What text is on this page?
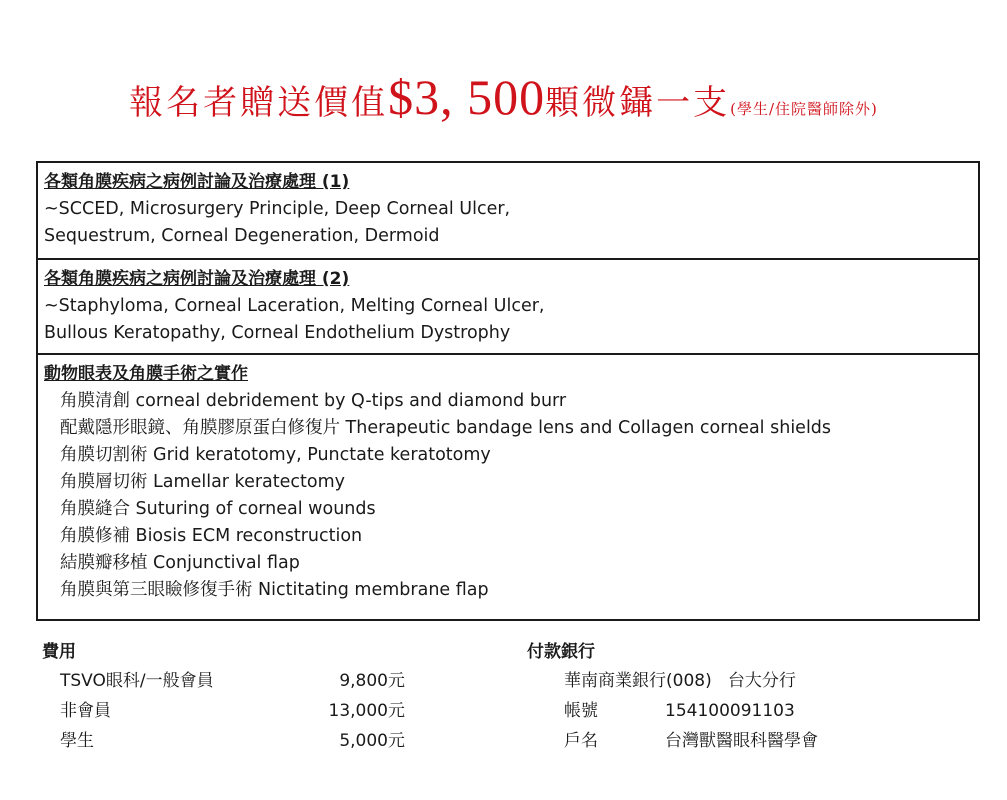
報名者贈送價值$3, 500顆微鑷一支(學生/住院醫師除外)
各類角膜疾病之病例討論及治療處理 (1)
~SCCED, Microsurgery Principle, Deep Corneal Ulcer,
Sequestrum, Corneal Degeneration, Dermoid
各類角膜疾病之病例討論及治療處理 (2)
~Staphyloma, Corneal Laceration, Melting Corneal Ulcer,
Bullous Keratopathy, Corneal Endothelium Dystrophy
動物眼表及角膜手術之實作
角膜清創 corneal debridement by Q-tips and diamond burr
配戴隱形眼鏡、角膜膠原蛋白修復片 Therapeutic bandage lens and Collagen corneal shields
角膜切割術 Grid keratotomy, Punctate keratotomy
角膜層切術 Lamellar keratectomy
角膜縫合 Suturing of corneal wounds
角膜修補 Biosis ECM reconstruction
結膜瓣移植 Conjunctival flap
角膜與第三眼瞼修復手術 Nictitating membrane flap
費用
TSVO眼科/一般會員	9,800元
非會員	13,000元
學生	5,000元
付款銀行
華南商業銀行(008)   台大分行
帳號	154100091103
戶名	台灣獸醫眼科醫學會
